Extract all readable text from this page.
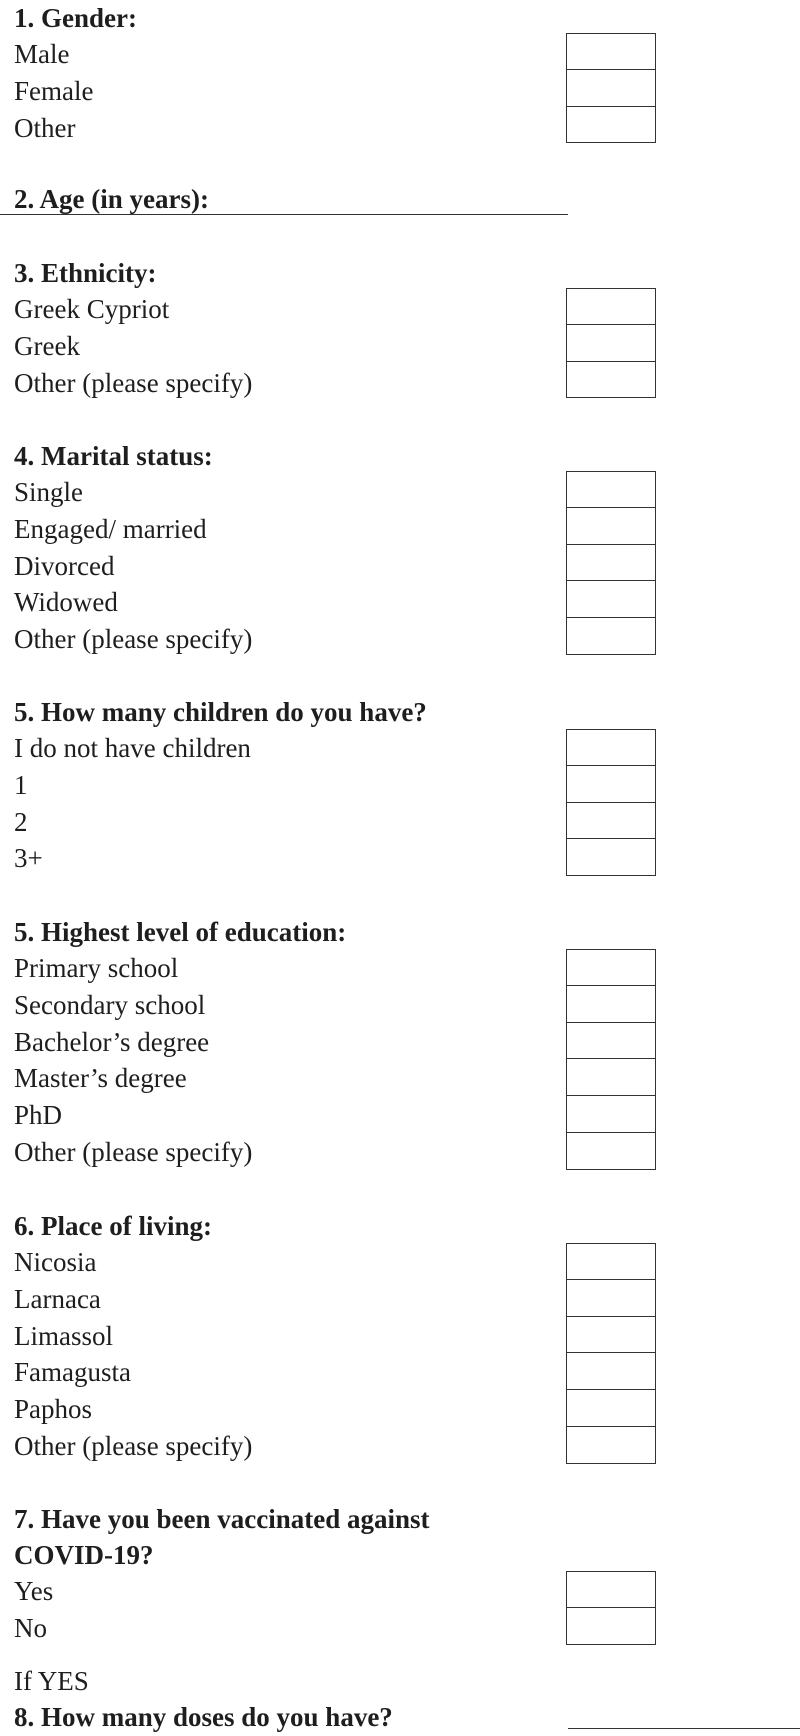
1. Gender:
Male
Female
Other
2. Age (in years):
3. Ethnicity:
Greek Cypriot
Greek
Other (please specify)
4. Marital status:
Single
Engaged/ married
Divorced
Widowed
Other (please specify)
5. How many children do you have?
I do not have children
1
2
3+
5. Highest level of education:
Primary school
Secondary school
Bachelor’s degree
Master’s degree
PhD
Other (please specify)
6. Place of living:
Nicosia
Larnaca
Limassol
Famagusta
Paphos
Other (please specify)
7. Have you been vaccinated against
COVID-19?
Yes
No
If YES
8. How many doses do you have?
